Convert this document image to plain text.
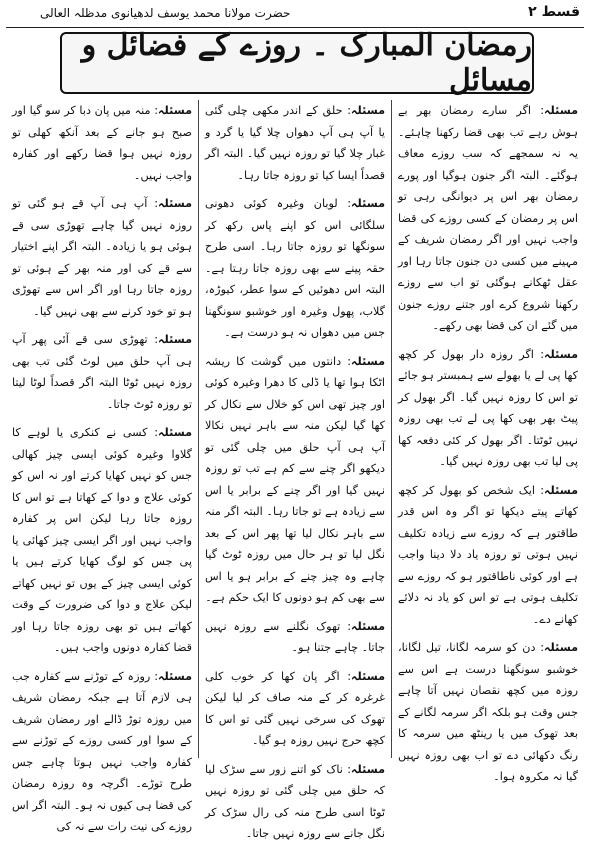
قسط ۲
حضرت مولانا محمد یوسف لدھیانوی مدظلہ العالی
رمضان المبارک ۔ روزے کے فضائل و مسائل

مسئلہ: اگر سارے رمضان بھر بے ہوش رہے تب بھی قضا رکھنا چاہئے۔ یہ نہ سمجھے کہ سب روزے معاف ہوگئے۔ البتہ اگر جنون ہوگیا اور پورے رمضان بھر اس پر دیوانگی رہی تو اس پر رمضان کے کسی روزے کی قضا واجب نہیں اور اگر رمضان شریف کے مہینے میں کسی دن جنون جاتا رہا اور عقل ٹھکانے ہوگئی تو اب سے روزے رکھنا شروع کرے اور جتنے روزے جنون میں گئے ان کی قضا بھی رکھے۔

مسئلہ: اگر روزہ دار بھول کر کچھ کھا پی لے یا بھولے سے ہمبستر ہو جائے تو اس کا روزہ نہیں گیا۔ اگر بھول کر پیٹ بھر بھی کھا پی لے تب بھی روزہ نہیں ٹوٹتا۔ اگر بھول کر کئی دفعہ کھا پی لیا تب بھی روزہ نہیں گیا۔

مسئلہ: ایک شخص کو بھول کر کچھ کھاتے پیتے دیکھا تو اگر وہ اس قدر طاقتور ہے کہ روزے سے زیادہ تکلیف نہیں ہوتی تو روزہ یاد دلا دینا واجب ہے اور کوئی ناطاقتور ہو کہ روزے سے تکلیف ہوتی ہے تو اس کو یاد نہ دلائے کھانے دے۔

مسئلہ: دن کو سرمہ لگانا، تیل لگانا، خوشبو سونگھنا درست ہے اس سے روزہ میں کچھ نقصان نہیں آتا چاہے جس وقت ہو بلکہ اگر سرمہ لگانے کے بعد تھوک میں یا رینٹھ میں سرمہ کا رنگ دکھائی دے تو اب بھی روزہ نہیں گیا نہ مکروہ ہوا۔

مسئلہ: حلق کے اندر مکھی چلی گئی یا آپ ہی آپ دھواں چلا گیا یا گرد و غبار چلا گیا تو روزہ نہیں گیا۔ البتہ اگر قصداً ایسا کیا تو روزہ جاتا رہا۔

مسئلہ: لوبان وغیرہ کوئی دھونی سلگائی اس کو اپنے پاس رکھ کر سونگھا تو روزہ جاتا رہا۔ اسی طرح حقہ پینے سے بھی روزہ جاتا رہتا ہے۔ البتہ اس دھوئیں کے سوا عطر، کیوڑہ، گلاب، پھول وغیرہ اور خوشبو سونگھنا جس میں دھواں نہ ہو درست ہے۔

مسئلہ: دانتوں میں گوشت کا ریشہ اٹکا ہوا تھا یا ڈلی کا دھرا وغیرہ کوئی اور چیز تھی اس کو خلال سے نکال کر کھا گیا لیکن منہ سے باہر نہیں نکالا آپ ہی آپ حلق میں چلی گئی تو دیکھو اگر چنے سے کم ہے تب تو روزہ نہیں گیا اور اگر چنے کے برابر یا اس سے زیادہ ہے تو جاتا رہا۔ البتہ اگر منہ سے باہر نکال لیا تھا پھر اس کے بعد نگل لیا تو ہر حال میں روزہ ٹوٹ گیا چاہے وہ چیز چنے کے برابر ہو یا اس سے بھی کم ہو دونوں کا ایک حکم ہے۔

مسئلہ: تھوک نگلنے سے روزہ نہیں جاتا۔ چاہے جتنا ہو۔

مسئلہ: اگر پان کھا کر خوب کلی غرغرہ کر کے منہ صاف کر لیا لیکن تھوک کی سرخی نہیں گئی تو اس کا کچھ حرج نہیں روزہ ہو گیا۔

مسئلہ: ناک کو اتنے زور سے سڑک لیا کہ حلق میں چلی گئی تو روزہ نہیں ٹوٹا اسی طرح منہ کی رال سڑک کر نگل جانے سے روزہ نہیں جاتا۔

مسئلہ: منہ میں پان دبا کر سو گیا اور صبح ہو جانے کے بعد آنکھ کھلی تو روزہ نہیں ہوا قضا رکھے اور کفارہ واجب نہیں۔

مسئلہ: آپ ہی آپ قے ہو گئی تو روزہ نہیں گیا چاہے تھوڑی سی قے ہوئی ہو یا زیادہ۔ البتہ اگر اپنے اختیار سے قے کی اور منہ بھر کے ہوئی تو روزہ جاتا رہا اور اگر اس سے تھوڑی ہو تو خود کرنے سے بھی نہیں گیا۔

مسئلہ: تھوڑی سی قے آئی پھر آپ ہی آپ حلق میں لوٹ گئی تب بھی روزہ نہیں ٹوٹا البتہ اگر قصداً لوٹا لیتا تو روزہ ٹوٹ جاتا۔

مسئلہ: کسی نے کنکری یا لوہے کا گلاوا وغیرہ کوئی ایسی چیز کھالی جس کو نہیں کھایا کرتے اور نہ اس کو کوئی علاج و دوا کے کھاتا ہے تو اس کا روزہ جاتا رہا لیکن اس پر کفارہ واجب نہیں اور اگر ایسی چیز کھائی یا پی جس کو لوگ کھایا کرتے ہیں یا کوئی ایسی چیز کے یوں تو نہیں کھاتے لیکن علاج و دوا کی ضرورت کے وقت کھاتے ہیں تو بھی روزہ جاتا رہا اور قضا کفارہ دونوں واجب ہیں۔

مسئلہ: روزہ کے توڑنے سے کفارہ جب ہی لازم آتا ہے جبکہ رمضان شریف میں روزہ توڑ ڈالے اور رمضان شریف کے سوا اور کسی روزے کے توڑنے سے کفارہ واجب نہیں ہوتا چاہے جس طرح توڑے۔ اگرچہ وہ روزہ رمضان کی قضا ہی کیوں نہ ہو۔ البتہ اگر اس روزے کی نیت رات سے نہ کی
